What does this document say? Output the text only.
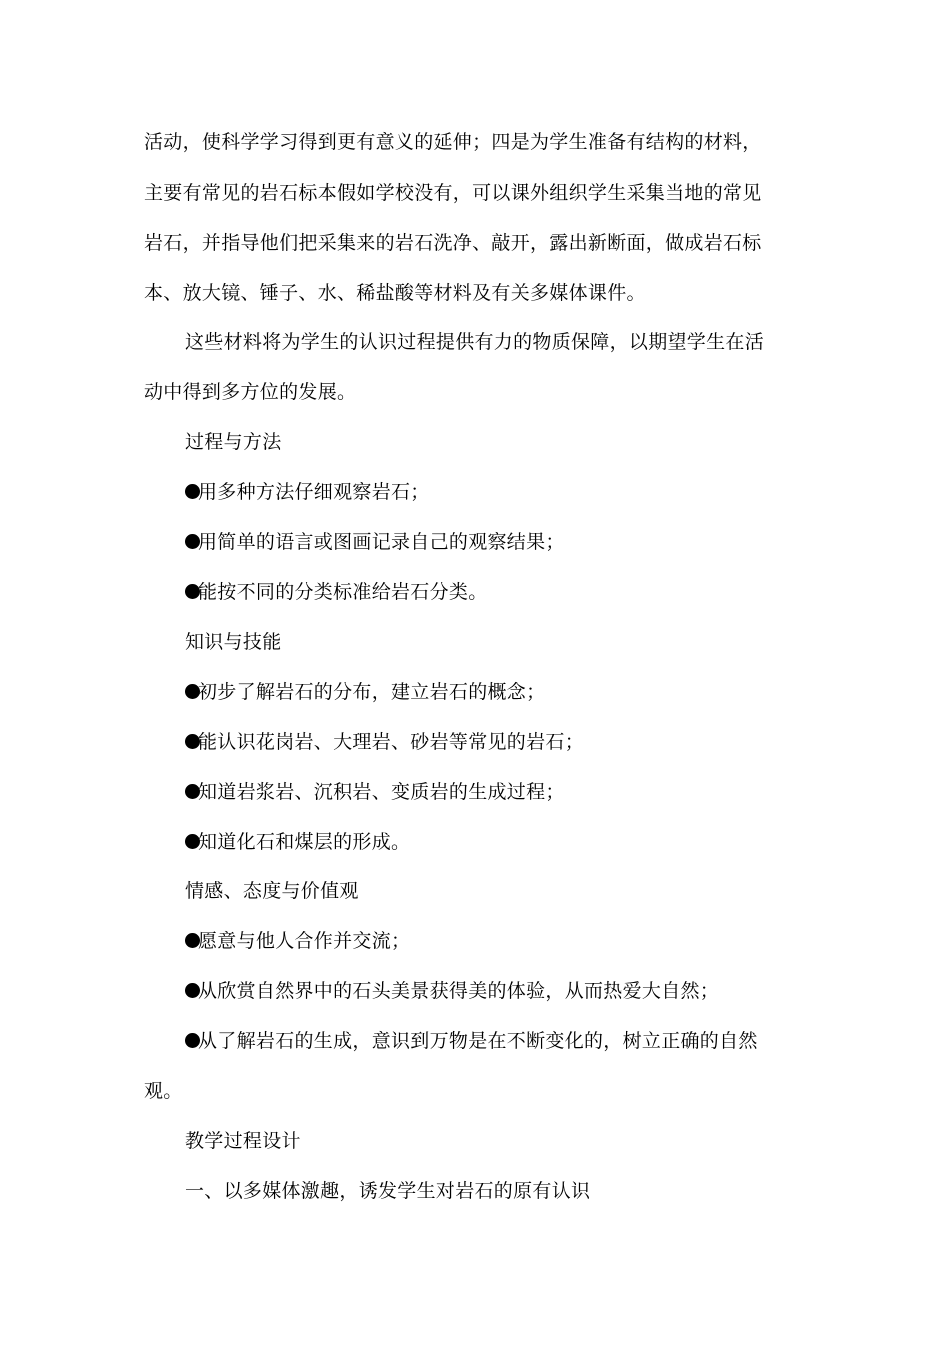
活动，使科学学习得到更有意义的延伸；四是为学生准备有结构的材料，
主要有常见的岩石标本假如学校没有，可以课外组织学生采集当地的常见
岩石，并指导他们把采集来的岩石洗净、敲开，露出新断面，做成岩石标
本、放大镜、锤子、水、稀盐酸等材料及有关多媒体课件。
这些材料将为学生的认识过程提供有力的物质保障，以期望学生在活
动中得到多方位的发展。
过程与方法
用多种方法仔细观察岩石；
用简单的语言或图画记录自己的观察结果；
能按不同的分类标准给岩石分类。
知识与技能
初步了解岩石的分布，建立岩石的概念；
能认识花岗岩、大理岩、砂岩等常见的岩石；
知道岩浆岩、沉积岩、变质岩的生成过程；
知道化石和煤层的形成。
情感、态度与价值观
愿意与他人合作并交流；
从欣赏自然界中的石头美景获得美的体验，从而热爱大自然；
从了解岩石的生成，意识到万物是在不断变化的，树立正确的自然
观。
教学过程设计
一、以多媒体激趣，诱发学生对岩石的原有认识
